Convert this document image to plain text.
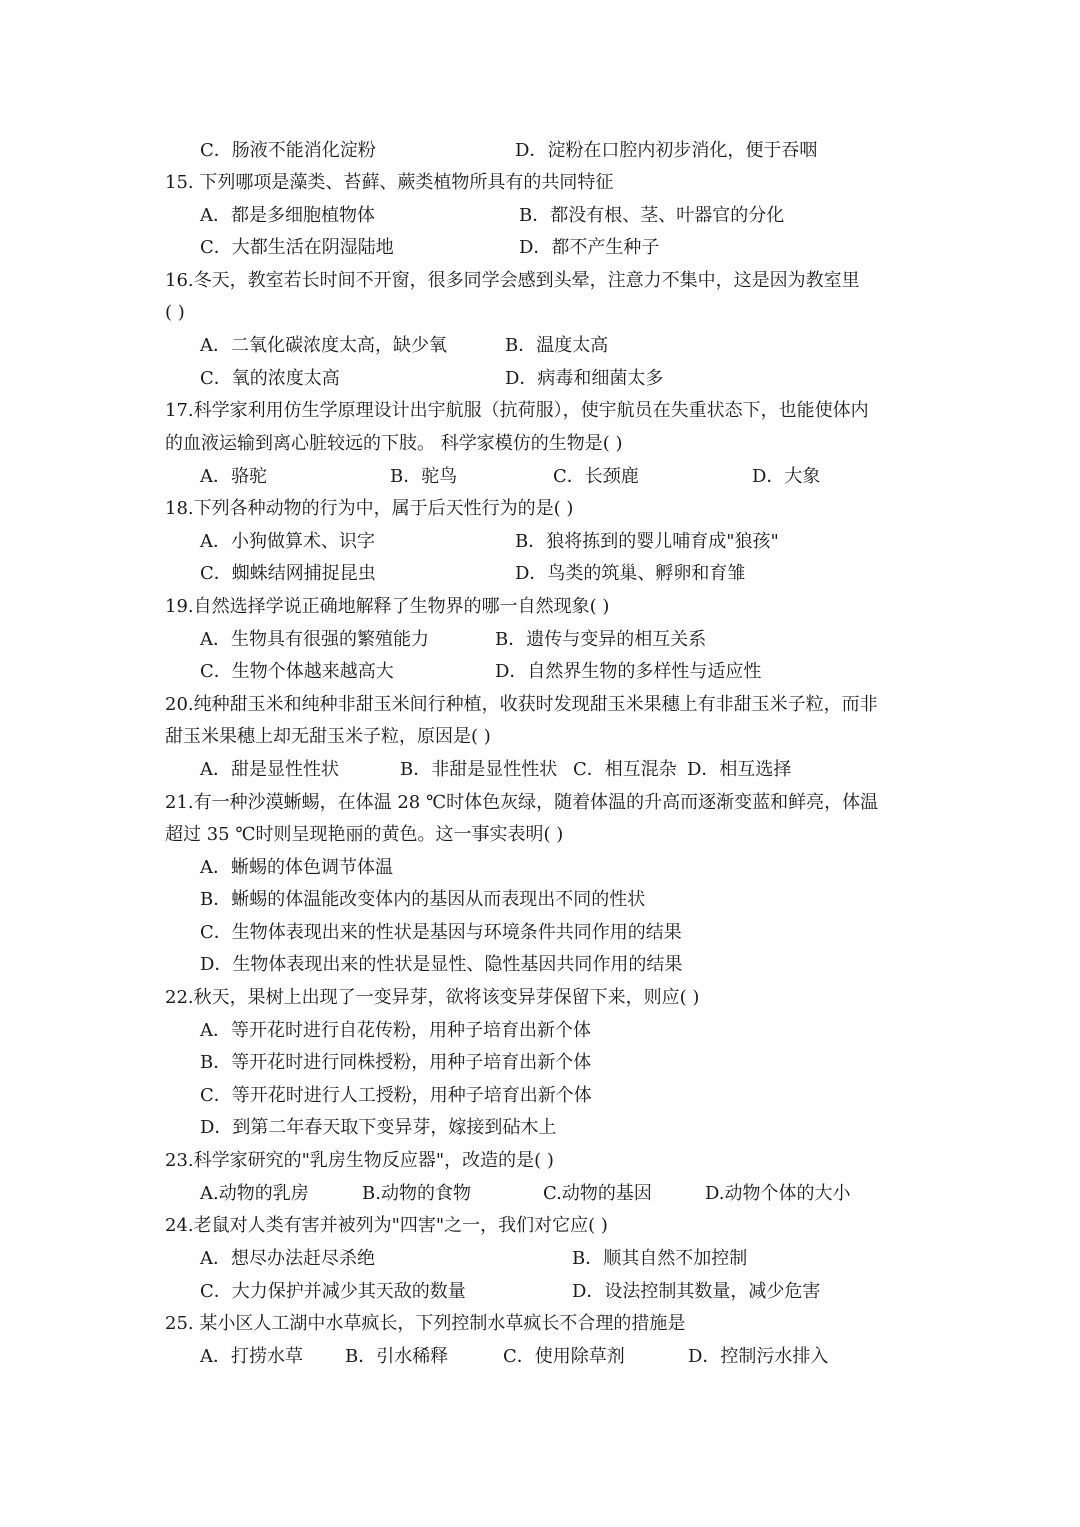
C．肠液不能消化淀粉	D．淀粉在口腔内初步消化，便于吞咽
15. 下列哪项是藻类、苔藓、蕨类植物所具有的共同特征
A．都是多细胞植物体	B．都没有根、茎、叶器官的分化
C．大都生活在阴湿陆地	D．都不产生种子
16.冬天，教室若长时间不开窗，很多同学会感到头晕，注意力不集中，这是因为教室里
( )
A．二氧化碳浓度太高，缺少氧	B．温度太高
C．氧的浓度太高	D．病毒和细菌太多
17.科学家利用仿生学原理设计出宇航服（抗荷服），使宇航员在失重状态下，也能使体内
的血液运输到离心脏较远的下肢。 科学家模仿的生物是( )
A．骆驼	B．驼鸟	C．长颈鹿	D．大象
18.下列各种动物的行为中，属于后天性行为的是( )
A．小狗做算术、识字	B．狼将拣到的婴儿哺育成"狼孩"
C．蜘蛛结网捕捉昆虫	D．鸟类的筑巢、孵卵和育雏
19.自然选择学说正确地解释了生物界的哪一自然现象( )
A．生物具有很强的繁殖能力	B．遗传与变异的相互关系
C．生物个体越来越高大	D．自然界生物的多样性与适应性
20.纯种甜玉米和纯种非甜玉米间行种植，收获时发现甜玉米果穗上有非甜玉米子粒，而非
甜玉米果穗上却无甜玉米子粒，原因是( )
A．甜是显性性状	B．非甜是显性性状 C．相互混杂 D．相互选择
21.有一种沙漠蜥蜴，在体温 28 ℃时体色灰绿，随着体温的升高而逐渐变蓝和鲜亮，体温
超过 35 ℃时则呈现艳丽的黄色。这一事实表明( )
A．蜥蜴的体色调节体温
B．蜥蜴的体温能改变体内的基因从而表现出不同的性状
C．生物体表现出来的性状是基因与环境条件共同作用的结果
D．生物体表现出来的性状是显性、隐性基因共同作用的结果
22.秋天，果树上出现了一变异芽，欲将该变异芽保留下来，则应( )
A．等开花时进行自花传粉，用种子培育出新个体
B．等开花时进行同株授粉，用种子培育出新个体
C．等开花时进行人工授粉，用种子培育出新个体
D．到第二年春天取下变异芽，嫁接到砧木上
23.科学家研究的"乳房生物反应器"，改造的是( )
A.动物的乳房	B.动物的食物	C.动物的基因	D.动物个体的大小
24.老鼠对人类有害并被列为"四害"之一，我们对它应( )
A．想尽办法赶尽杀绝	B．顺其自然不加控制
C．大力保护并减少其天敌的数量	D．设法控制其数量，减少危害
25. 某小区人工湖中水草疯长，下列控制水草疯长不合理的措施是
A．打捞水草 B．引水稀释	C．使用除草剂	D．控制污水排入
